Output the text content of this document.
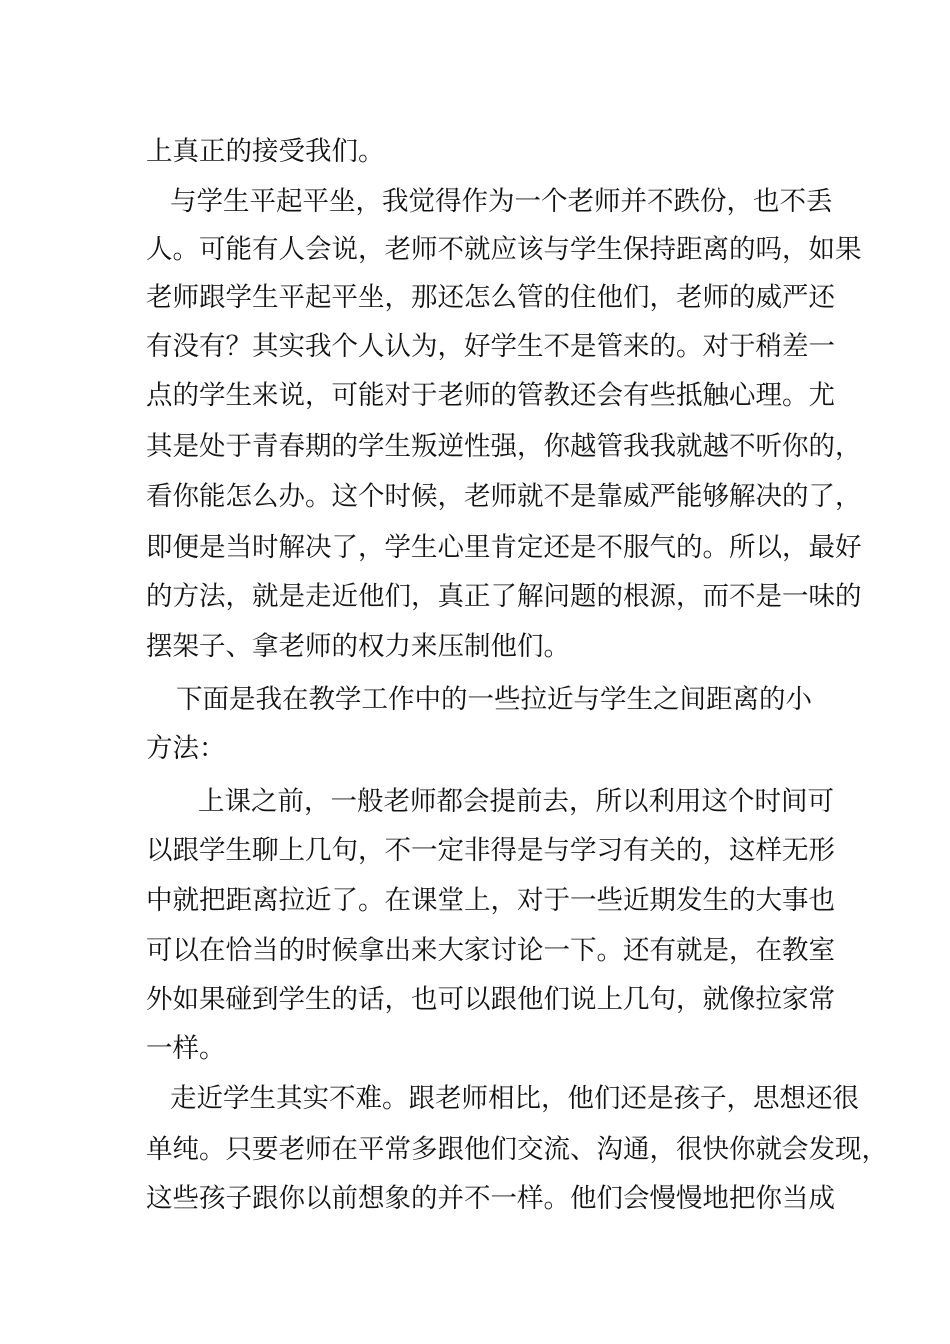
上真正的接受我们。
与学生平起平坐，我觉得作为一个老师并不跌份，也不丢
人。可能有人会说，老师不就应该与学生保持距离的吗，如果
老师跟学生平起平坐，那还怎么管的住他们，老师的威严还
有没有？其实我个人认为，好学生不是管来的。对于稍差一
点的学生来说，可能对于老师的管教还会有些抵触心理。尤
其是处于青春期的学生叛逆性强，你越管我我就越不听你的，
看你能怎么办。这个时候，老师就不是靠威严能够解决的了，
即便是当时解决了，学生心里肯定还是不服气的。所以，最好
的方法，就是走近他们，真正了解问题的根源，而不是一味的
摆架子、拿老师的权力来压制他们。
下面是我在教学工作中的一些拉近与学生之间距离的小
方法：
上课之前，一般老师都会提前去，所以利用这个时间可
以跟学生聊上几句，不一定非得是与学习有关的，这样无形
中就把距离拉近了。在课堂上，对于一些近期发生的大事也
可以在恰当的时候拿出来大家讨论一下。还有就是，在教室
外如果碰到学生的话，也可以跟他们说上几句，就像拉家常
一样。
走近学生其实不难。跟老师相比，他们还是孩子，思想还很
单纯。只要老师在平常多跟他们交流、沟通，很快你就会发现，
这些孩子跟你以前想象的并不一样。他们会慢慢地把你当成
